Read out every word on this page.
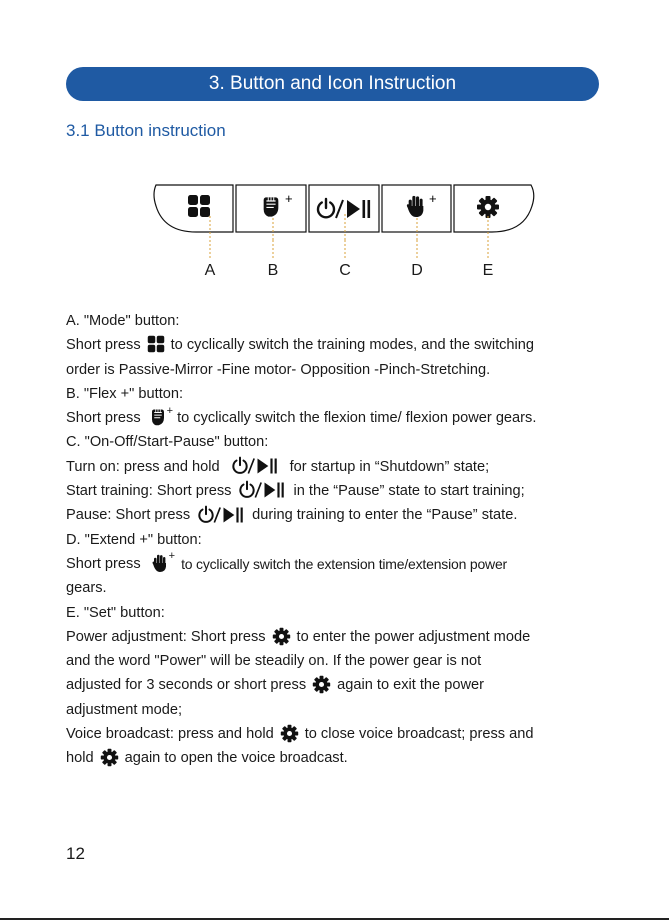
3. Button and Icon Instruction
3.1 Button instruction
+	+
A	B	C	D	E
A. "Mode" button:
Short press to cyclically switch the training modes, and the switching
order is Passive-Mirror -Fine motor- Opposition -Pinch-Stretching.
B. "Flex +" button:
Short press	+ to cyclically switch the flexion time/ flexion power gears.
C. "On-Off/Start-Pause" button:
Turn on: press and hold	for startup in “Shutdown” state;
Start training: Short press	in the “Pause” state to start training;
Pause: Short press	during training to enter the “Pause” state.
D. "Extend +" button:
Short press	+ to cyclically switch the extension time/extension power
gears.
E. "Set" button:
Power adjustment: Short press to enter the power adjustment mode
and the word "Power" will be steadily on. If the power gear is not
adjusted for 3 seconds or short press again to exit the power
adjustment mode;
Voice broadcast: press and hold to close voice broadcast; press and
hold again to open the voice broadcast.
12
